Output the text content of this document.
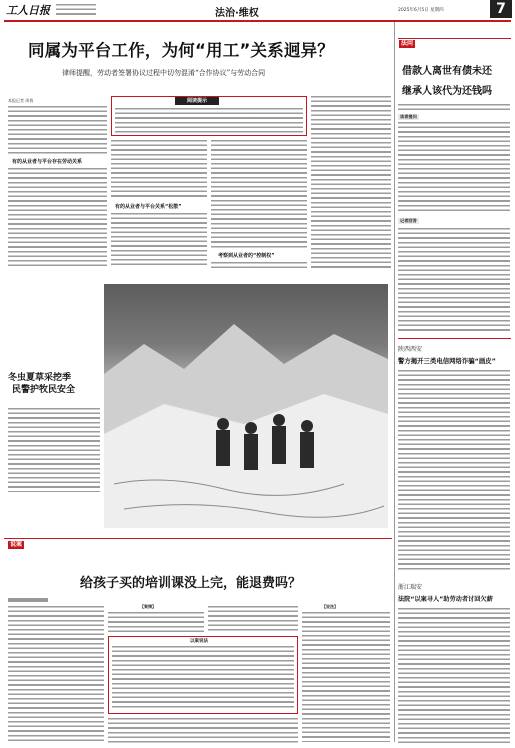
工人日报	法治·维权	2025年6月5日 星期四	7
同属为平台工作，为何“用工”关系迥异？
律师提醒，劳动者签署协议过程中切勿混淆“合作协议”与劳动合同
本报记者 周倩
有的从业者与平台存在劳动关系
阅读提示
有的从业者与平台关系“松散”
考察到从业者的“控制权”
冬虫夏草采挖季
民警护牧民安全
说案
给孩子买的培训课没上完，能退费吗？
【案情】	【说法】
以案说法
法问
借款人离世有债未还
继承人该代为还钱吗
读者提问
记者回答
陕西西安
警方揭开三类电信网络诈骗“画皮”
浙江瑞安
法院“以案寻人”助劳动者讨回欠薪
